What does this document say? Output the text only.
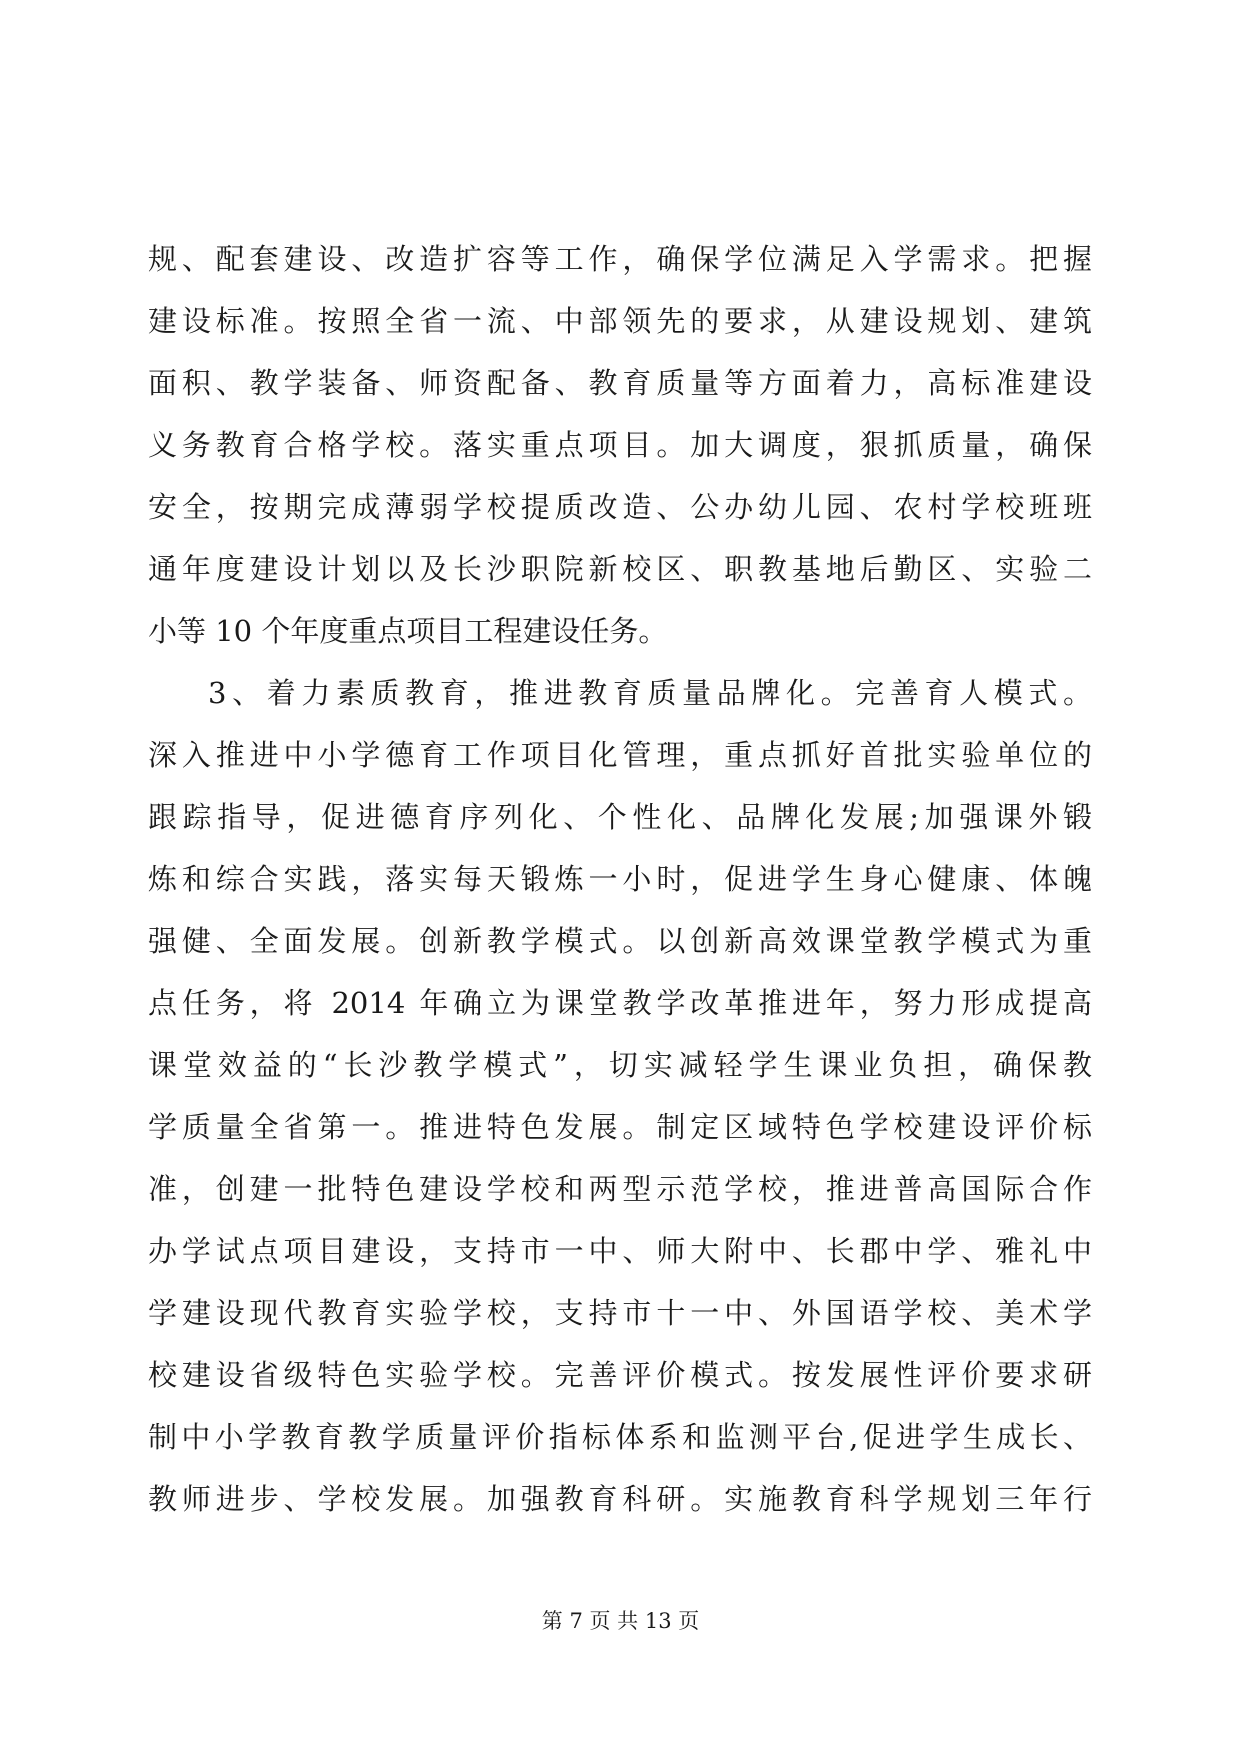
规、配套建设、改造扩容等工作，确保学位满足入学需求。把握
建设标准。按照全省一流、中部领先的要求，从建设规划、建筑
面积、教学装备、师资配备、教育质量等方面着力，高标准建设
义务教育合格学校。落实重点项目。加大调度，狠抓质量，确保
安全，按期完成薄弱学校提质改造、公办幼儿园、农村学校班班
通年度建设计划以及长沙职院新校区、职教基地后勤区、实验二
小等 10 个年度重点项目工程建设任务。
3、着力素质教育，推进教育质量品牌化。完善育人模式。
深入推进中小学德育工作项目化管理，重点抓好首批实验单位的
跟踪指导，促进德育序列化、个性化、品牌化发展;加强课外锻
炼和综合实践，落实每天锻炼一小时，促进学生身心健康、体魄
强健、全面发展。创新教学模式。以创新高效课堂教学模式为重
点任务，将 2014 年确立为课堂教学改革推进年，努力形成提高
课堂效益的“长沙教学模式”，切实减轻学生课业负担，确保教
学质量全省第一。推进特色发展。制定区域特色学校建设评价标
准，创建一批特色建设学校和两型示范学校，推进普高国际合作
办学试点项目建设，支持市一中、师大附中、长郡中学、雅礼中
学建设现代教育实验学校，支持市十一中、外国语学校、美术学
校建设省级特色实验学校。完善评价模式。按发展性评价要求研
制中小学教育教学质量评价指标体系和监测平台,促进学生成长、
教师进步、学校发展。加强教育科研。实施教育科学规划三年行
第 7 页 共 13 页
